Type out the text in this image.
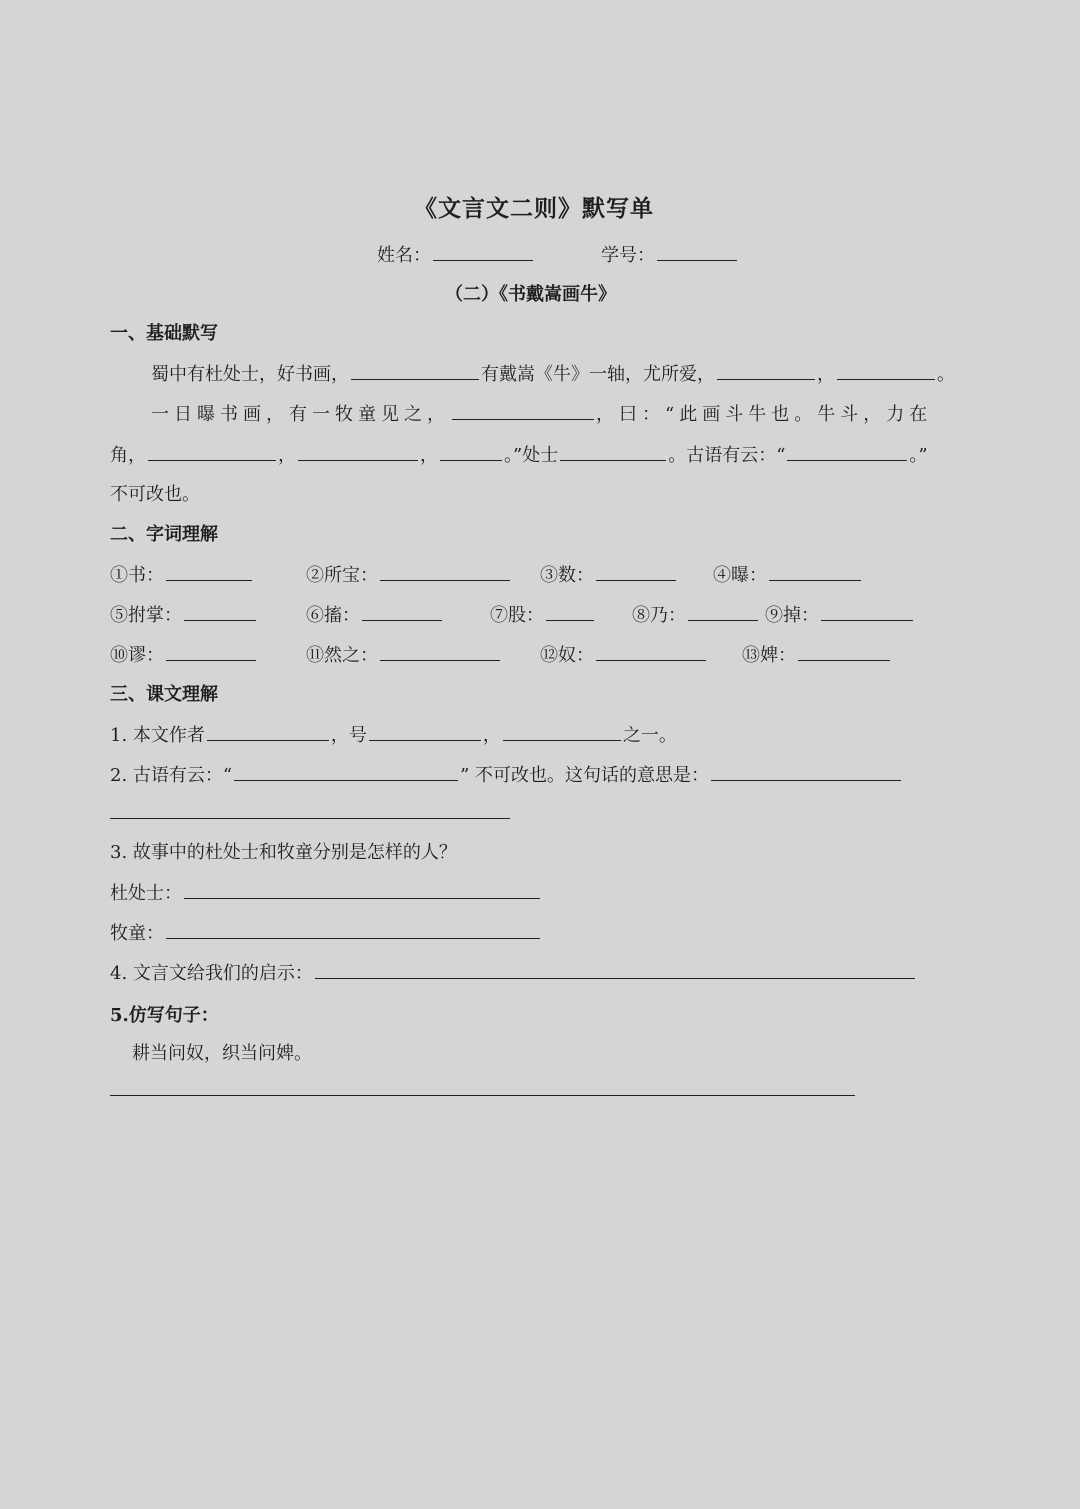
《文言文二则》默写单
姓名：	学号：
（二）《书戴嵩画牛》
一、基础默写
蜀中有杜处士，好书画，	有戴嵩《牛》一轴，尤所爱，	，	。
一日曝书画，有一牧童见之，	，曰：“此画斗牛也。牛斗，力在
角，	，	，	。”处士	。古语有云：“	。”
不可改也。
二、字词理解
①书：	②所宝：	③数：	④曝：
⑤拊掌：	⑥搐：	⑦股：	⑧乃：	⑨掉：
⑩谬：	⑪然之：	⑫奴：	⑬婢：
三、课文理解
1. 本文作者	，号	，	之一。
2. 古语有云：“	” 不可改也。这句话的意思是：
3. 故事中的杜处士和牧童分别是怎样的人？
杜处士：
牧童：
4. 文言文给我们的启示：
5.仿写句子：
耕当问奴，织当问婢。
